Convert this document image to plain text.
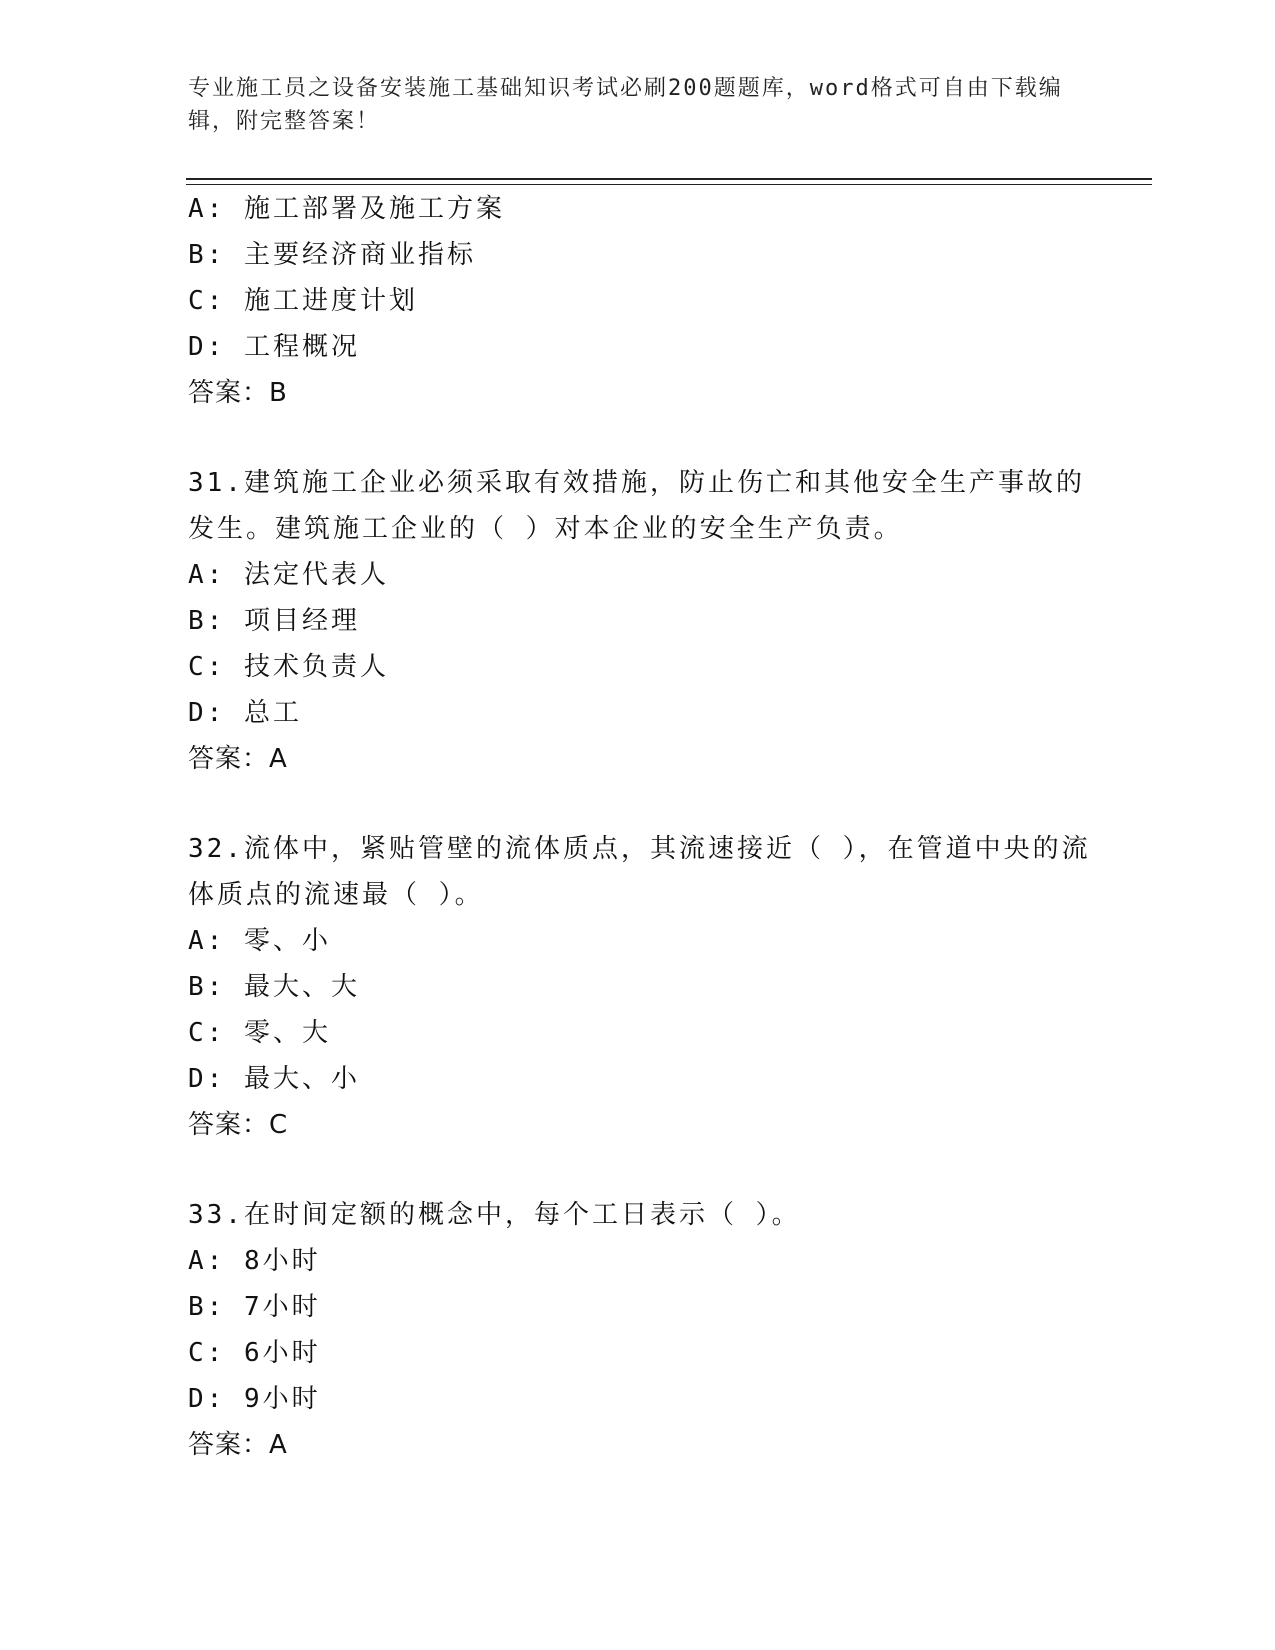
专业施工员之设备安装施工基础知识考试必刷200题题库，word格式可自由下载编辑，附完整答案！
A: 施工部署及施工方案
B: 主要经济商业指标
C: 施工进度计划
D: 工程概况
答案：B
31.建筑施工企业必须采取有效措施，防止伤亡和其他安全生产事故的发生。建筑施工企业的（ ）对本企业的安全生产负责。
A: 法定代表人
B: 项目经理
C: 技术负责人
D: 总工
答案：A
32.流体中，紧贴管壁的流体质点，其流速接近（ ），在管道中央的流体质点的流速最（ ）。
A: 零、小
B: 最大、大
C: 零、大
D: 最大、小
答案：C
33.在时间定额的概念中，每个工日表示（ ）。
A: 8小时
B: 7小时
C: 6小时
D: 9小时
答案：A
